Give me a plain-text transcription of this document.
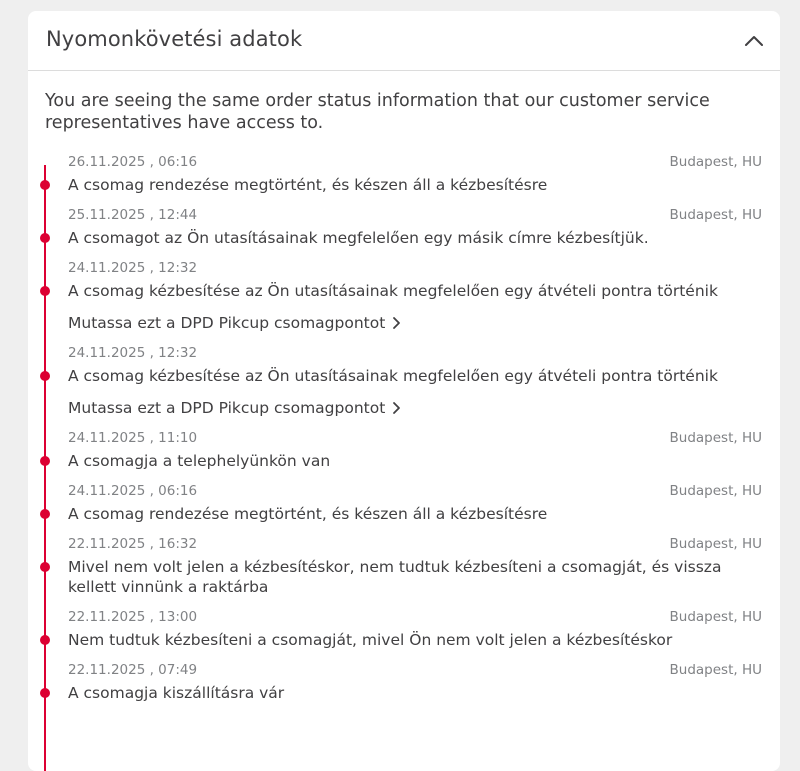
Nyomonkövetési adatok
You are seeing the same order status information that our customer service representatives have access to.
26.11.2025 , 06:16	Budapest, HU
A csomag rendezése megtörtént, és készen áll a kézbesítésre
25.11.2025 , 12:44	Budapest, HU
A csomagot az Ön utasításainak megfelelően egy másik címre kézbesítjük.
24.11.2025 , 12:32
A csomag kézbesítése az Ön utasításainak megfelelően egy átvételi pontra történik
Mutassa ezt a DPD Pikcup csomagpontot
24.11.2025 , 12:32
A csomag kézbesítése az Ön utasításainak megfelelően egy átvételi pontra történik
Mutassa ezt a DPD Pikcup csomagpontot
24.11.2025 , 11:10	Budapest, HU
A csomagja a telephelyünkön van
24.11.2025 , 06:16	Budapest, HU
A csomag rendezése megtörtént, és készen áll a kézbesítésre
22.11.2025 , 16:32	Budapest, HU
Mivel nem volt jelen a kézbesítéskor, nem tudtuk kézbesíteni a csomagját, és vissza kellett vinnünk a raktárba
22.11.2025 , 13:00	Budapest, HU
Nem tudtuk kézbesíteni a csomagját, mivel Ön nem volt jelen a kézbesítéskor
22.11.2025 , 07:49	Budapest, HU
A csomagja kiszállításra vár
